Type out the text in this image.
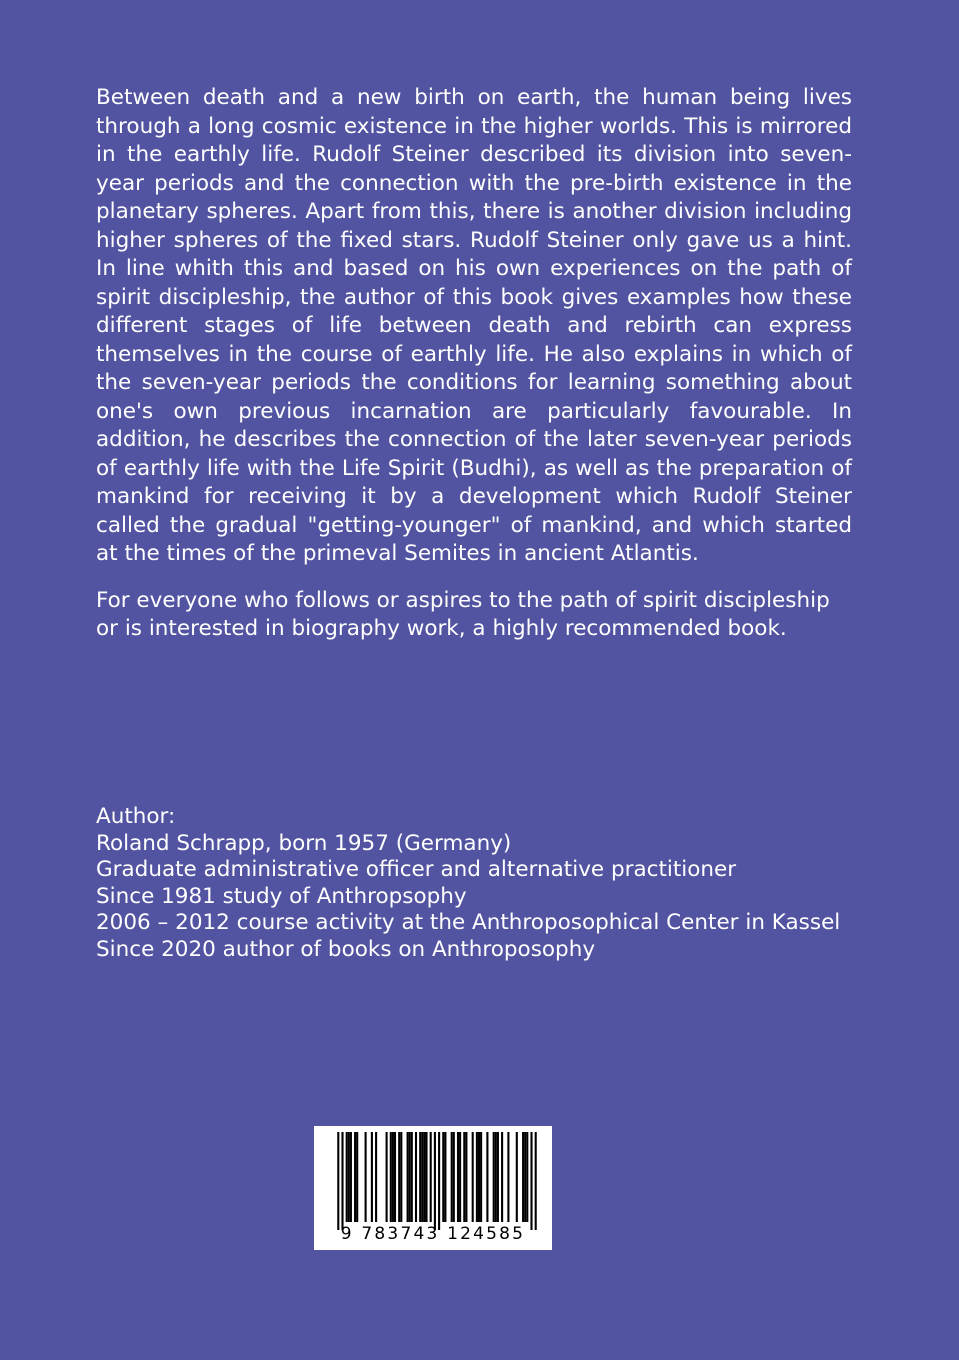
Between death and a new birth on earth, the human being lives through a long cosmic existence in the higher worlds. This is mirrored in the earthly life. Rudolf Steiner described its division into seven-year periods and the connection with the pre-birth existence in the planetary spheres. Apart from this, there is another division including higher spheres of the fixed stars. Rudolf Steiner only gave us a hint. In line whith this and based on his own experiences on the path of spirit discipleship, the author of this book gives examples how these different stages of life between death and rebirth can express themselves in the course of earthly life. He also explains in which of the seven-year periods the conditions for learning something about one's own previous incarnation are particularly favourable. In addition, he describes the connection of the later seven-year periods of earthly life with the Life Spirit (Budhi), as well as the preparation of mankind for receiving it by a development which Rudolf Steiner called the gradual "getting-younger" of mankind, and which started at the times of the primeval Semites in ancient Atlantis.

For everyone who follows or aspires to the path of spirit discipleship or is interested in biography work, a highly recommended book.

Author:
Roland Schrapp, born 1957 (Germany)
Graduate administrative officer and alternative practitioner
Since 1981 study of Anthropsophy
2006 – 2012 course activity at the Anthroposophical Center in Kassel
Since 2020 author of books on Anthroposophy
9 783743 124585
